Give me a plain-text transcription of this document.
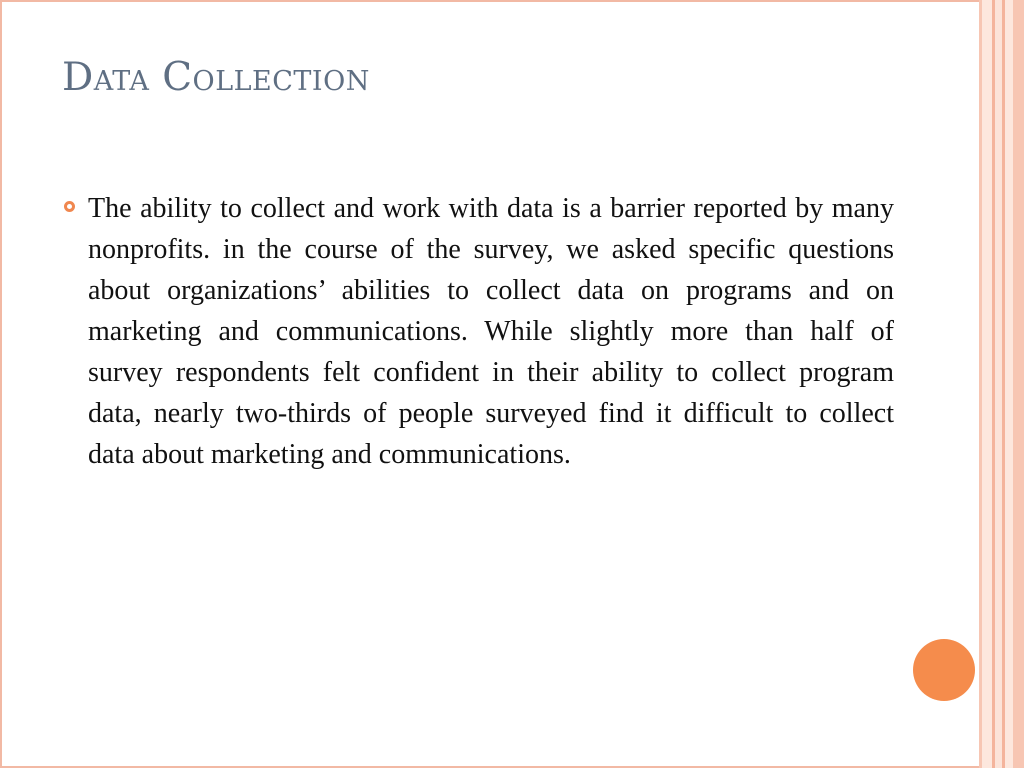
Data Collection

The ability to collect and work with data is a barrier reported by many nonprofits. in the course of the survey, we asked specific questions about organizations’ abilities to collect data on programs and on marketing and communications. While slightly more than half of survey respondents felt confident in their ability to collect program data, nearly two-thirds of people surveyed find it difficult to collect data about marketing and communications.
